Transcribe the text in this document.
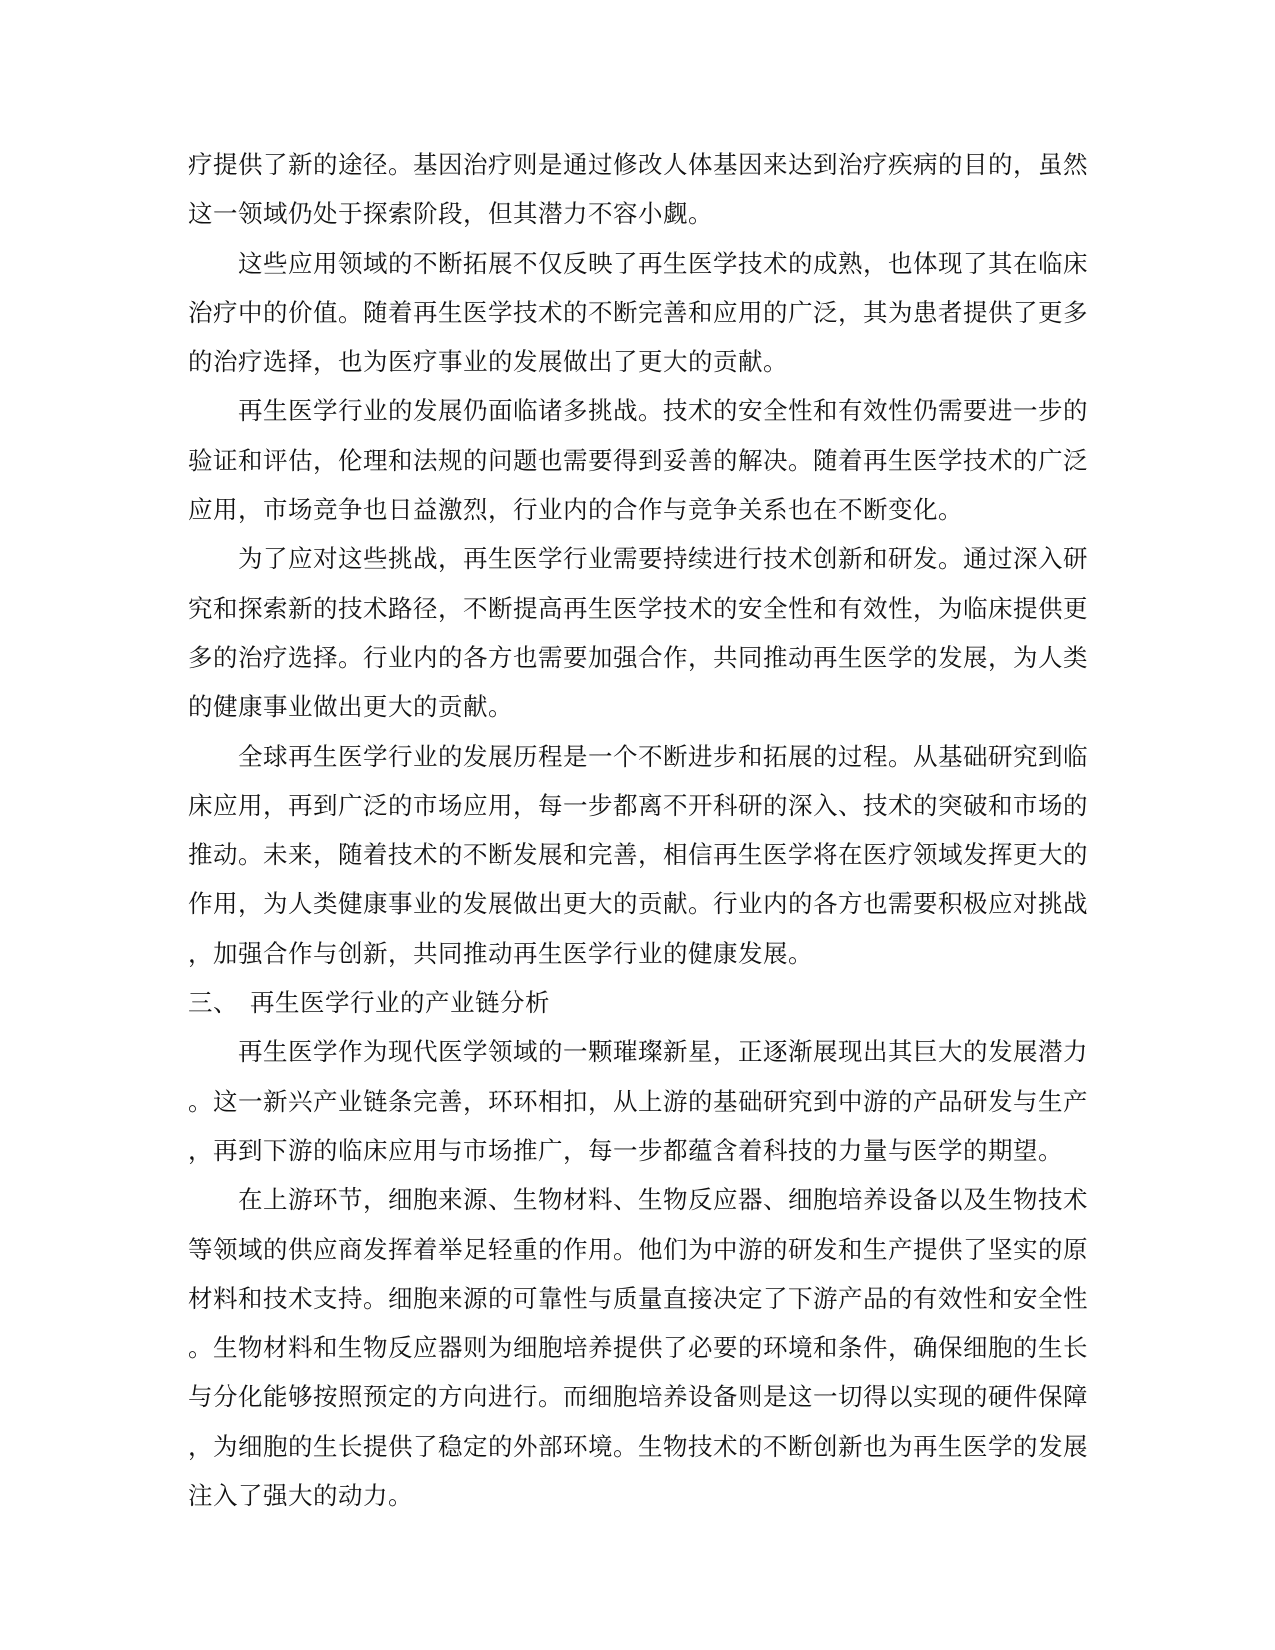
疗提供了新的途径。基因治疗则是通过修改人体基因来达到治疗疾病的目的，虽然
这一领域仍处于探索阶段，但其潜力不容小觑。
这些应用领域的不断拓展不仅反映了再生医学技术的成熟，也体现了其在临床
治疗中的价值。随着再生医学技术的不断完善和应用的广泛，其为患者提供了更多
的治疗选择，也为医疗事业的发展做出了更大的贡献。
再生医学行业的发展仍面临诸多挑战。技术的安全性和有效性仍需要进一步的
验证和评估，伦理和法规的问题也需要得到妥善的解决。随着再生医学技术的广泛
应用，市场竞争也日益激烈，行业内的合作与竞争关系也在不断变化。
为了应对这些挑战，再生医学行业需要持续进行技术创新和研发。通过深入研
究和探索新的技术路径，不断提高再生医学技术的安全性和有效性，为临床提供更
多的治疗选择。行业内的各方也需要加强合作，共同推动再生医学的发展，为人类
的健康事业做出更大的贡献。
全球再生医学行业的发展历程是一个不断进步和拓展的过程。从基础研究到临
床应用，再到广泛的市场应用，每一步都离不开科研的深入、技术的突破和市场的
推动。未来，随着技术的不断发展和完善，相信再生医学将在医疗领域发挥更大的
作用，为人类健康事业的发展做出更大的贡献。行业内的各方也需要积极应对挑战
，加强合作与创新，共同推动再生医学行业的健康发展。
三、 再生医学行业的产业链分析
再生医学作为现代医学领域的一颗璀璨新星，正逐渐展现出其巨大的发展潜力
。这一新兴产业链条完善，环环相扣，从上游的基础研究到中游的产品研发与生产
，再到下游的临床应用与市场推广，每一步都蕴含着科技的力量与医学的期望。
在上游环节，细胞来源、生物材料、生物反应器、细胞培养设备以及生物技术
等领域的供应商发挥着举足轻重的作用。他们为中游的研发和生产提供了坚实的原
材料和技术支持。细胞来源的可靠性与质量直接决定了下游产品的有效性和安全性
。生物材料和生物反应器则为细胞培养提供了必要的环境和条件，确保细胞的生长
与分化能够按照预定的方向进行。而细胞培养设备则是这一切得以实现的硬件保障
，为细胞的生长提供了稳定的外部环境。生物技术的不断创新也为再生医学的发展
注入了强大的动力。
